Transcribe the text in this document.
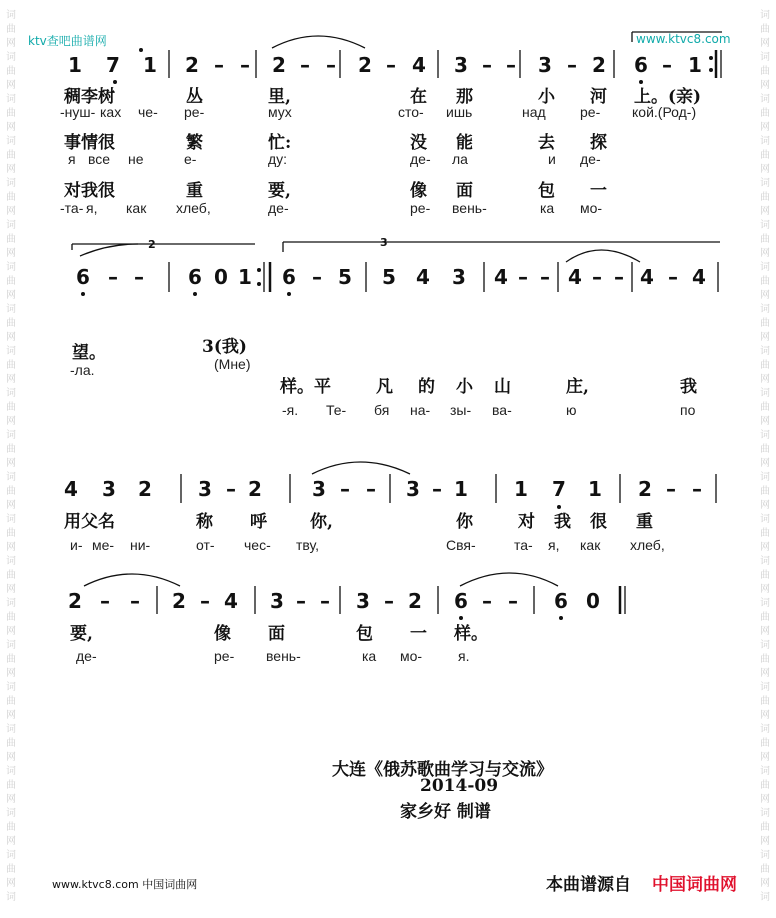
词
曲
网
词
曲
网
词
曲
网
词
曲
网
词
曲
网
词
曲
网
词
曲
网
词
曲
网
词
曲
网
词
曲
网
词
曲
网
词
曲
网
词
曲
网
词
曲
网
词
曲
网
词
曲
网
词
曲
网
词
曲
网
词
曲
网
词
曲
网
词
曲
网
词
词
曲
网
词
曲
网
词
曲
网
词
曲
网
词
曲
网
词
曲
网
词
曲
网
词
曲
网
词
曲
网
词
曲
网
词
曲
网
词
曲
网
词
曲
网
词
曲
网
词
曲
网
词
曲
网
词
曲
网
词
曲
网
词
曲
网
词
曲
网
词
曲
网
词
ktv查吧曲谱网	www.ktvc8.com
2	3
1 7 1 2 – – 2 – – 2 – 4 3 – – 3 – 2 6 – 1
稠李树	丛	里,	在 那	小 河 上。(亲)
-нуш- ках че- ре-	мух	сто- ишь	над ре- кой.(Род-)
事情很	繁	忙:	没 能	去 探
я все не	е-	ду:	де- ла	и де-
对我很	重	要,	像 面	包 一
-та- я, как хлеб,	де-	ре- вень-	ка мо-
6 – – 6 0 1 6 – 5 5 4 3 4 – – 4 – – 4 – 4
望。	3(我)
-ла.	(Мне)
样。平	凡 的 小 山	庄,	我
-я. Те- бя на- зы- ва-	ю	по
4 3 2 3 – 2	3 – – 3 – 1 1 7 1 2 – –
用父名	称 呼	你,	你	对 我 很 重
и- ме- ни-	от- чес- тву,	Свя-	та- я, как хлеб,
2 – – 2 – 4 3 – – 3 – 2 6 – – 6 0
要,	像 面	包 一 样。
де-	ре- вень-	ка мо-	я.
大连《俄苏歌曲学习与交流》
2014-09
家乡好 制谱
www.ktvc8.com 中国词曲网	本曲谱源自 中国词曲网
